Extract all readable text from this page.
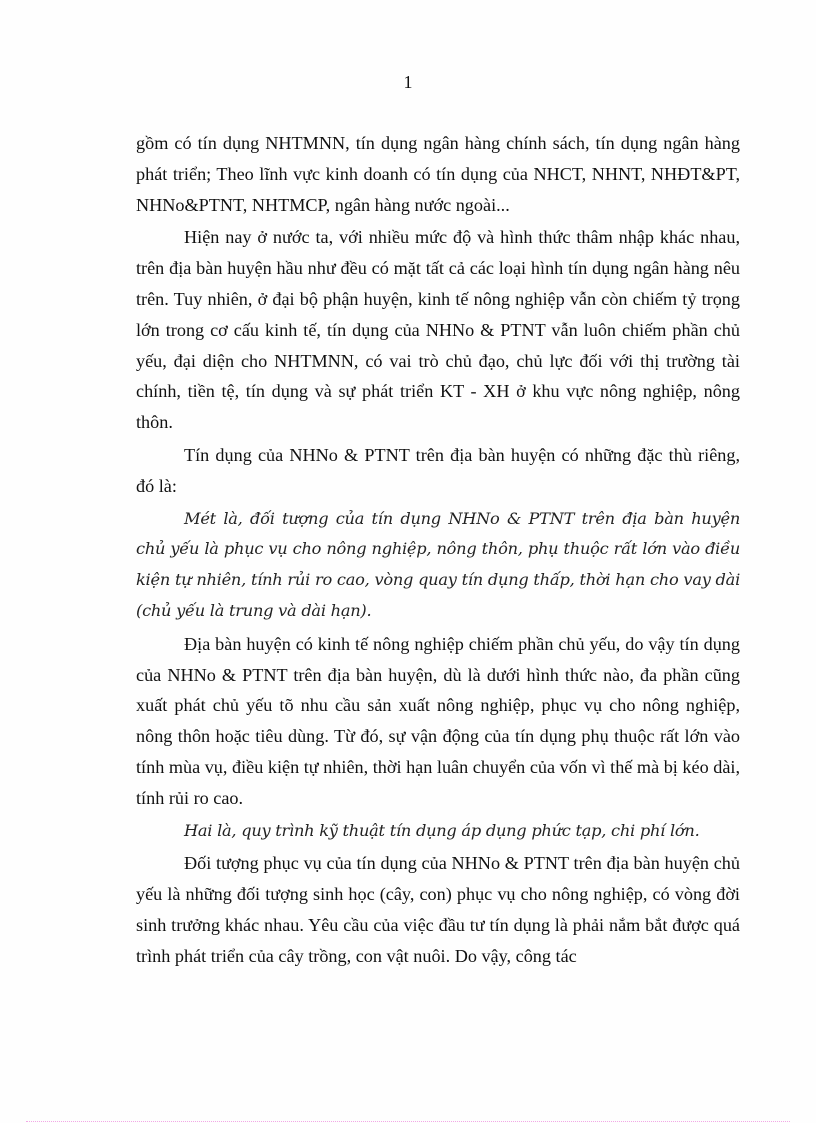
1

gồm có tín dụng NHTMNN, tín dụng ngân hàng chính sách, tín dụng ngân hàng phát triển; Theo lĩnh vực kinh doanh có tín dụng của NHCT, NHNT, NHĐT&PT, NHNo&PTNT, NHTMCP, ngân hàng nước ngoài...

Hiện nay ở nước ta, với nhiều mức độ và hình thức thâm nhập khác nhau, trên địa bàn huyện hầu như đều có mặt tất cả các loại hình tín dụng ngân hàng nêu trên. Tuy nhiên, ở đại bộ phận huyện, kinh tế nông nghiệp vẫn còn chiếm tỷ trọng lớn trong cơ cấu kinh tế, tín dụng của NHNo & PTNT vẫn luôn chiếm phần chủ yếu, đại diện cho NHTMNN, có vai trò chủ đạo, chủ lực đối với thị trường tài chính, tiền tệ, tín dụng và sự phát triển KT - XH ở khu vực nông nghiệp, nông thôn.

Tín dụng của NHNo & PTNT trên địa bàn huyện có những đặc thù riêng, đó là:

Mét là, đối tượng của tín dụng NHNo & PTNT trên địa bàn huyện chủ yếu là phục vụ cho nông nghiệp, nông thôn, phụ thuộc rất lớn vào điều kiện tự nhiên, tính rủi ro cao, vòng quay tín dụng thấp, thời hạn cho vay dài (chủ yếu là trung và dài hạn).

Địa bàn huyện có kinh tế nông nghiệp chiếm phần chủ yếu, do vậy tín dụng của NHNo & PTNT trên địa bàn huyện, dù là dưới hình thức nào, đa phần cũng xuất phát chủ yếu tõ nhu cầu sản xuất nông nghiệp, phục vụ cho nông nghiệp, nông thôn hoặc tiêu dùng. Từ đó, sự vận động của tín dụng phụ thuộc rất lớn vào tính mùa vụ, điều kiện tự nhiên, thời hạn luân chuyển của vốn vì thế mà bị kéo dài, tính rủi ro cao.

Hai là, quy trình kỹ thuật tín dụng áp dụng phức tạp, chi phí lớn.

Đối tượng phục vụ của tín dụng của NHNo & PTNT trên địa bàn huyện chủ yếu là những đối tượng sinh học (cây, con) phục vụ cho nông nghiệp, có vòng đời sinh trưởng khác nhau. Yêu cầu của việc đầu tư tín dụng là phải nắm bắt được quá trình phát triển của cây trồng, con vật nuôi. Do vậy, công tác
